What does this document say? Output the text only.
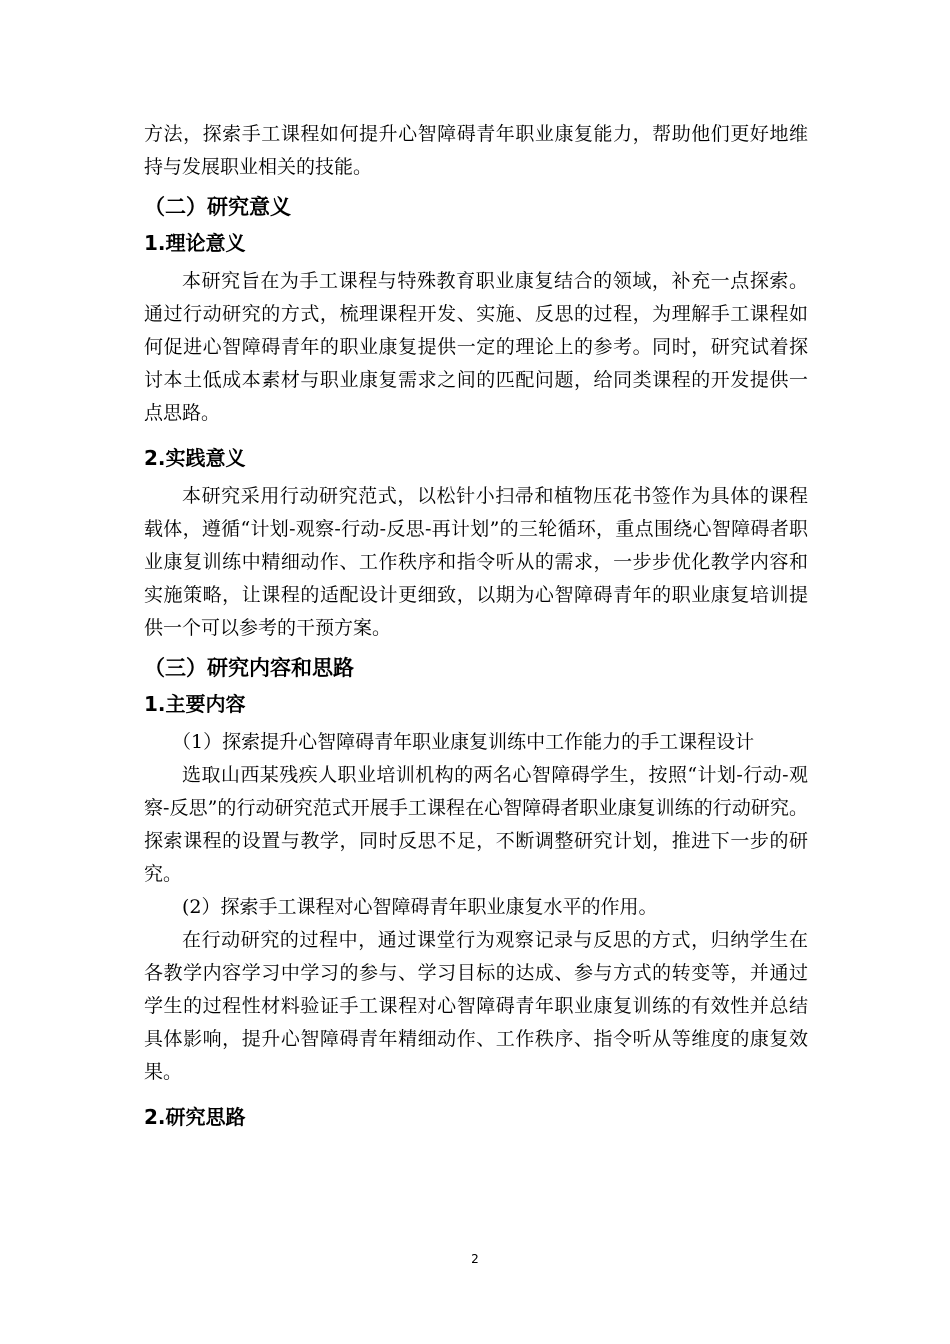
方法，探索手工课程如何提升心智障碍青年职业康复能力，帮助他们更好地维持与发展职业相关的技能。

（二）研究意义
1.理论意义

本研究旨在为手工课程与特殊教育职业康复结合的领域，补充一点探索。通过行动研究的方式，梳理课程开发、实施、反思的过程，为理解手工课程如何促进心智障碍青年的职业康复提供一定的理论上的参考。同时，研究试着探讨本土低成本素材与职业康复需求之间的匹配问题，给同类课程的开发提供一点思路。

2.实践意义

本研究采用行动研究范式，以松针小扫帚和植物压花书签作为具体的课程载体，遵循“计划-观察-行动-反思-再计划”的三轮循环，重点围绕心智障碍者职业康复训练中精细动作、工作秩序和指令听从的需求，一步步优化教学内容和实施策略，让课程的适配设计更细致，以期为心智障碍青年的职业康复培训提供一个可以参考的干预方案。

（三）研究内容和思路
1.主要内容

（1）探索提升心智障碍青年职业康复训练中工作能力的手工课程设计

选取山西某残疾人职业培训机构的两名心智障碍学生，按照“计划-行动-观察-反思”的行动研究范式开展手工课程在心智障碍者职业康复训练的行动研究。探索课程的设置与教学，同时反思不足，不断调整研究计划，推进下一步的研究。

(2）探索手工课程对心智障碍青年职业康复水平的作用。

在行动研究的过程中，通过课堂行为观察记录与反思的方式，归纳学生在各教学内容学习中学习的参与、学习目标的达成、参与方式的转变等，并通过学生的过程性材料验证手工课程对心智障碍青年职业康复训练的有效性并总结具体影响，提升心智障碍青年精细动作、工作秩序、指令听从等维度的康复效果。

2.研究思路
2
